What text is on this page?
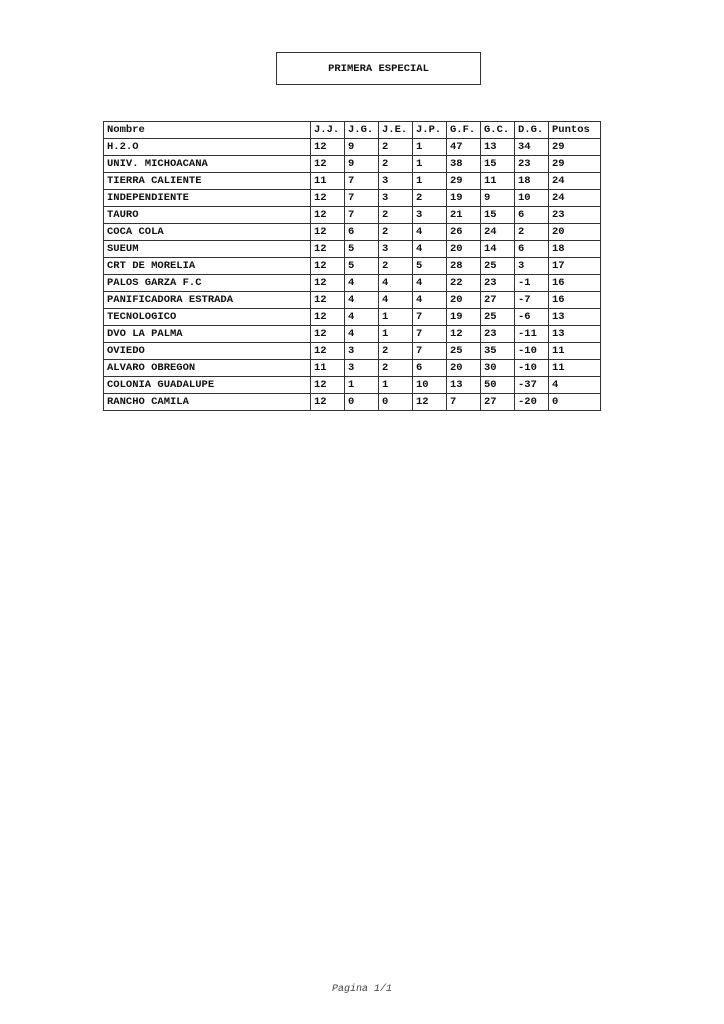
PRIMERA ESPECIAL
Nombre	J.J.	J.G.	J.E.	J.P.	G.F.	G.C.	D.G.	Puntos
H.2.O	12	9	2	1	47	13	34	29
UNIV. MICHOACANA	12	9	2	1	38	15	23	29
TIERRA CALIENTE	11	7	3	1	29	11	18	24
INDEPENDIENTE	12	7	3	2	19	9	10	24
TAURO	12	7	2	3	21	15	6	23
COCA COLA	12	6	2	4	26	24	2	20
SUEUM	12	5	3	4	20	14	6	18
CRT DE MORELIA	12	5	2	5	28	25	3	17
PALOS GARZA F.C	12	4	4	4	22	23	-1	16
PANIFICADORA ESTRADA	12	4	4	4	20	27	-7	16
TECNOLOGICO	12	4	1	7	19	25	-6	13
DVO LA PALMA	12	4	1	7	12	23	-11	13
OVIEDO	12	3	2	7	25	35	-10	11
ALVARO OBREGON	11	3	2	6	20	30	-10	11
COLONIA GUADALUPE	12	1	1	10	13	50	-37	4
RANCHO CAMILA	12	0	0	12	7	27	-20	0
Pagina 1/1
